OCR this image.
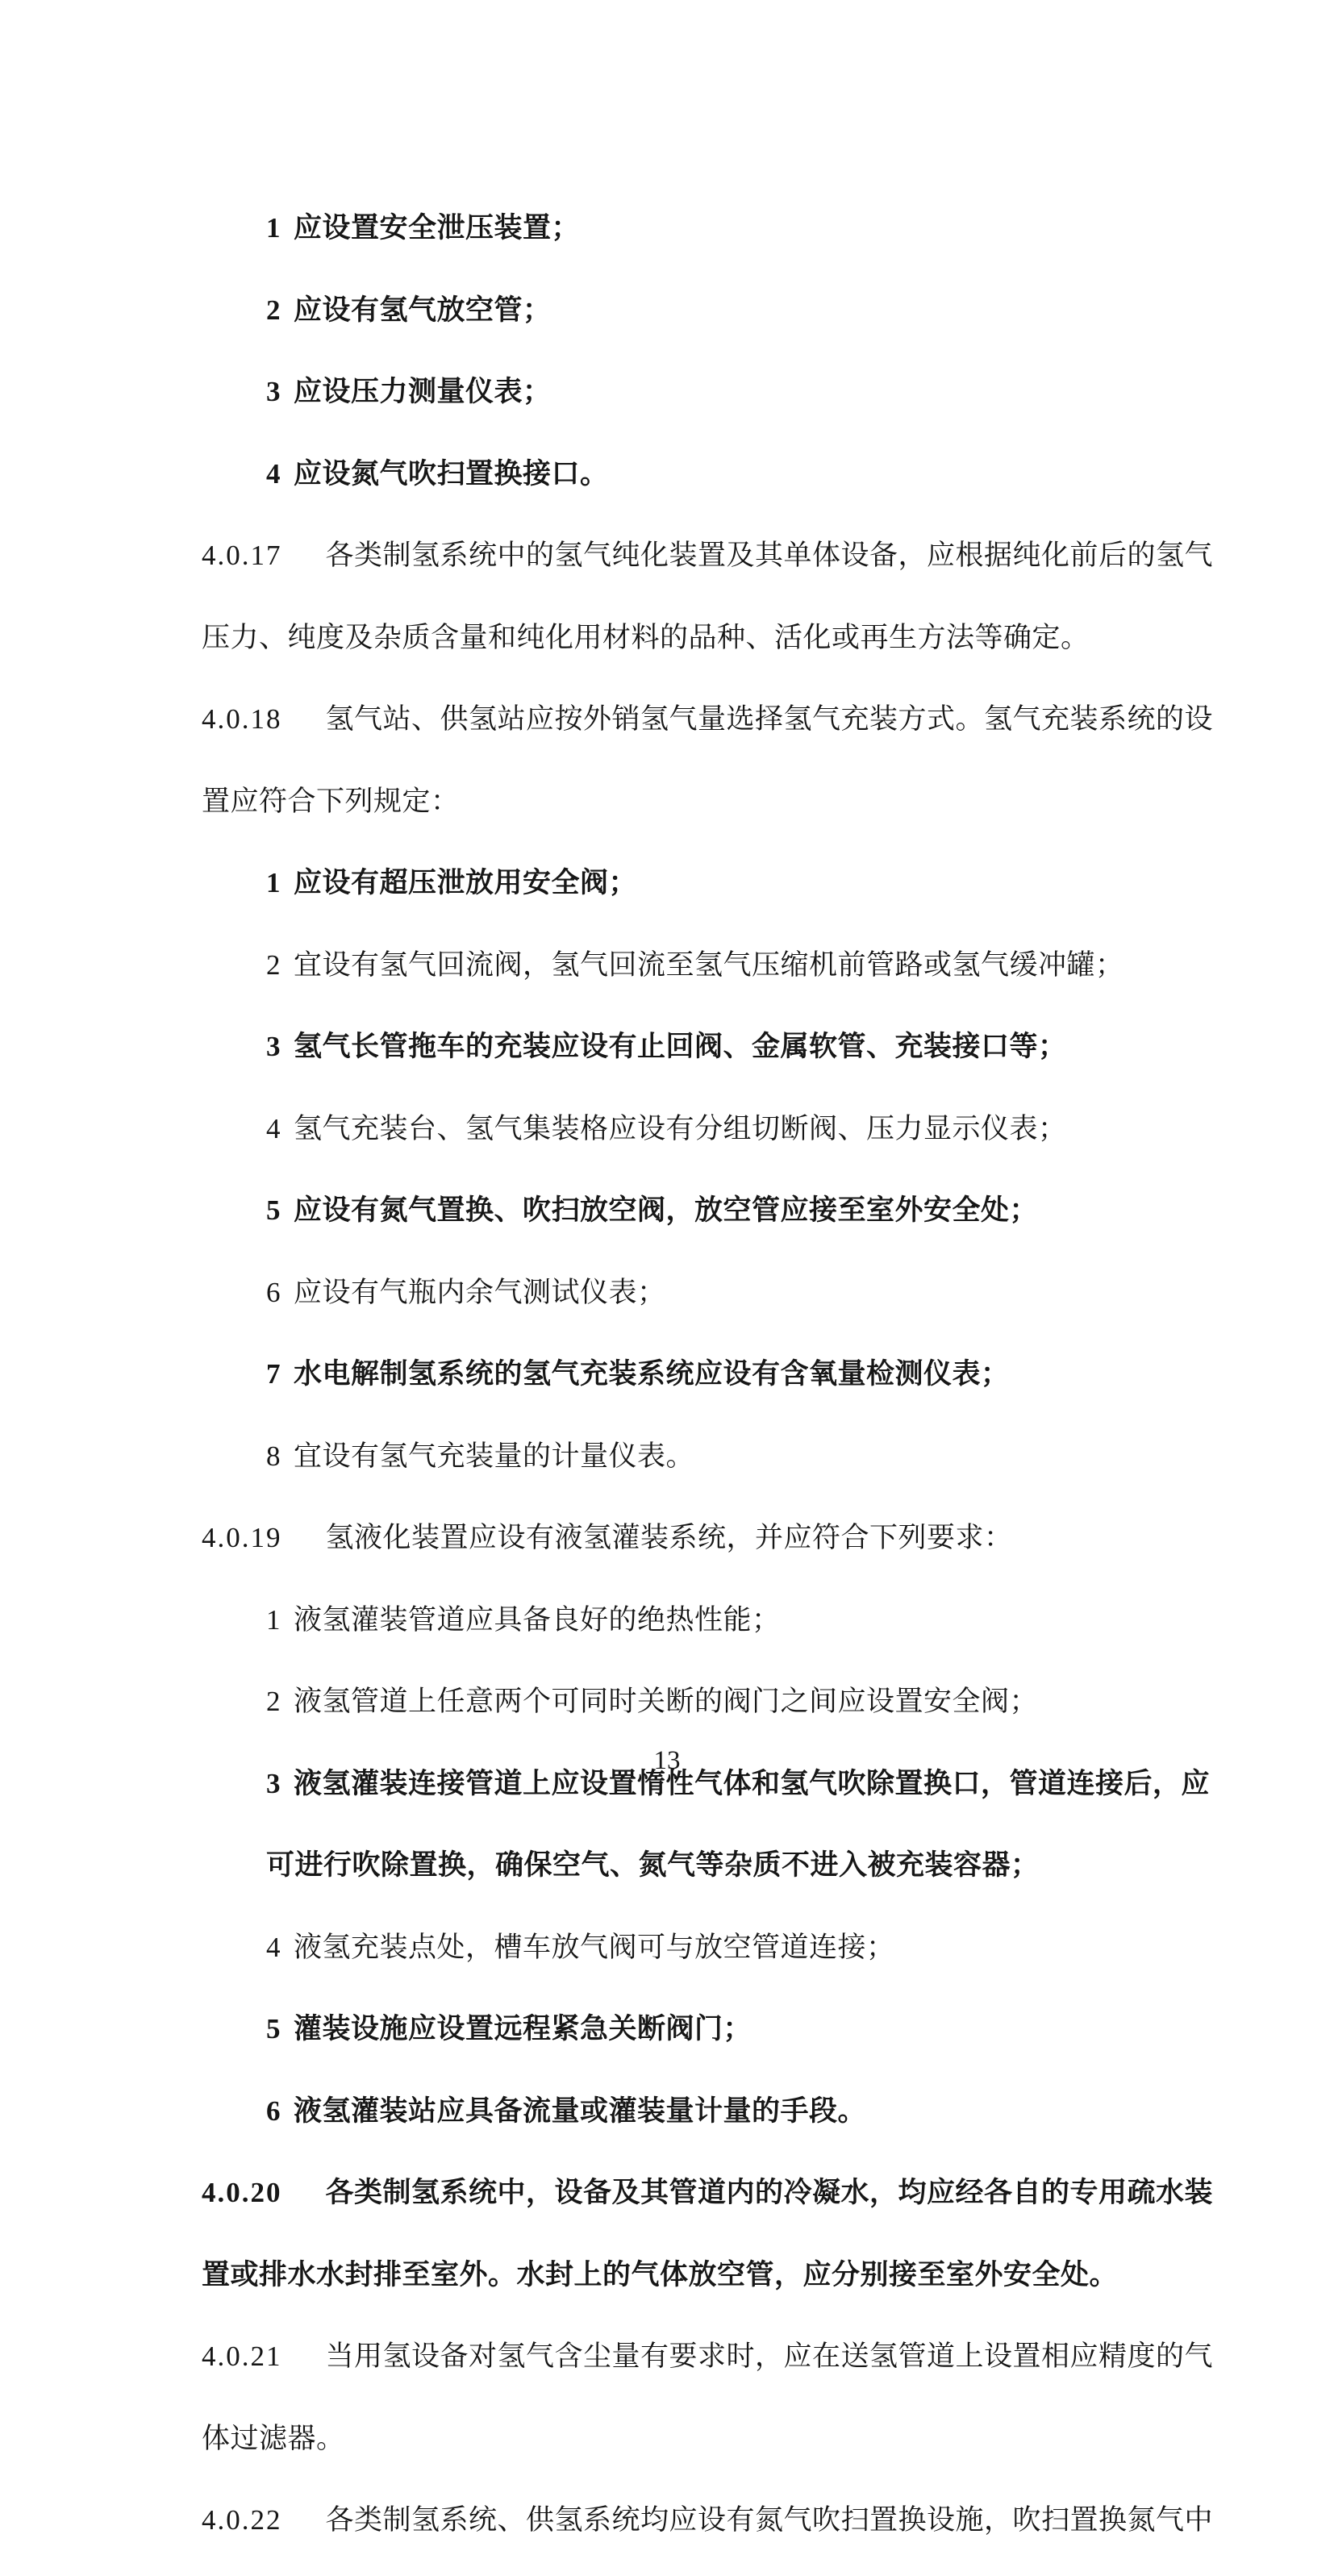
1 应设置安全泄压装置；

2 应设有氢气放空管；

3 应设压力测量仪表；

4 应设氮气吹扫置换接口。

4.0.17 各类制氢系统中的氢气纯化装置及其单体设备，应根据纯化前后的氢气

压力、纯度及杂质含量和纯化用材料的品种、活化或再生方法等确定。

4.0.18 氢气站、供氢站应按外销氢气量选择氢气充装方式。氢气充装系统的设

置应符合下列规定：

1 应设有超压泄放用安全阀；

2 宜设有氢气回流阀，氢气回流至氢气压缩机前管路或氢气缓冲罐；

3 氢气长管拖车的充装应设有止回阀、金属软管、充装接口等；

4 氢气充装台、氢气集装格应设有分组切断阀、压力显示仪表；

5 应设有氮气置换、吹扫放空阀，放空管应接至室外安全处；

6 应设有气瓶内余气测试仪表；

7 水电解制氢系统的氢气充装系统应设有含氧量检测仪表；

8 宜设有氢气充装量的计量仪表。

4.0.19 氢液化装置应设有液氢灌装系统，并应符合下列要求：

1 液氢灌装管道应具备良好的绝热性能；

2 液氢管道上任意两个可同时关断的阀门之间应设置安全阀；

3 液氢灌装连接管道上应设置惰性气体和氢气吹除置换口，管道连接后，应

可进行吹除置换，确保空气、氮气等杂质不进入被充装容器；

4 液氢充装点处，槽车放气阀可与放空管道连接；

5 灌装设施应设置远程紧急关断阀门；

6 液氢灌装站应具备流量或灌装量计量的手段。

4.0.20 各类制氢系统中，设备及其管道内的冷凝水，均应经各自的专用疏水装

置或排水水封排至室外。水封上的气体放空管，应分别接至室外安全处。

4.0.21 当用氢设备对氢气含尘量有要求时，应在送氢管道上设置相应精度的气

体过滤器。

4.0.22 各类制氢系统、供氢系统均应设有氮气吹扫置换设施，吹扫置换氮气中

13
